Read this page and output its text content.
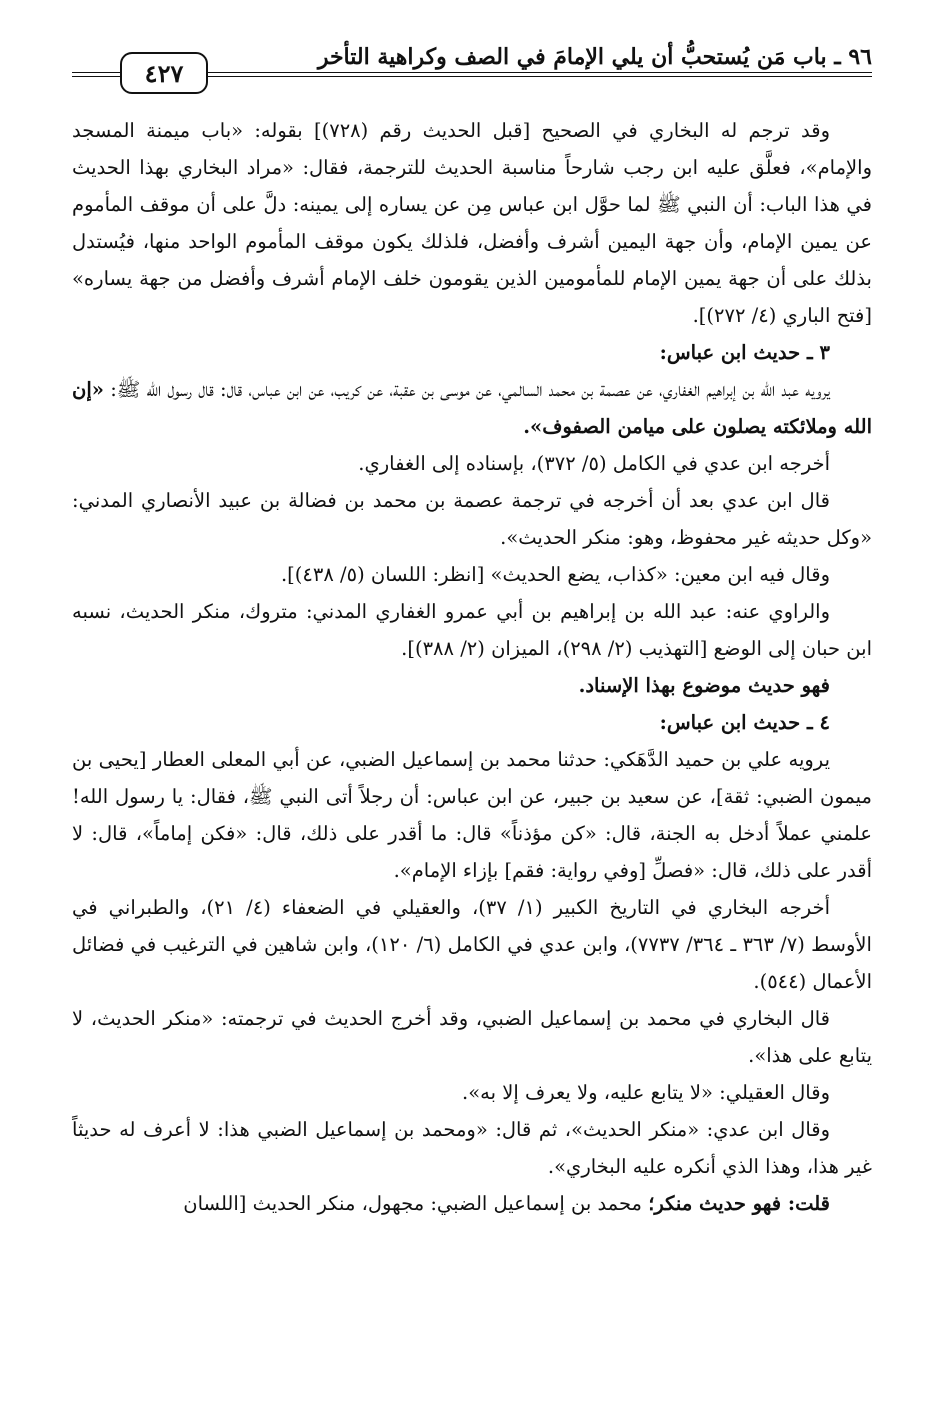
٩٦ ـ باب مَن يُستحبُّ أن يلي الإمامَ في الصف وكراهية التأخر
٤٢٧

وقد ترجم له البخاري في الصحيح [قبل الحديث رقم (٧٢٨)] بقوله: «باب ميمنة المسجد والإمام»، فعلَّق عليه ابن رجب شارحاً مناسبة الحديث للترجمة، فقال: «مراد البخاري بهذا الحديث في هذا الباب: أن النبي ﷺ لما حوَّل ابن عباس مِن عن يساره إلى يمينه: دلَّ على أن موقف المأموم عن يمين الإمام، وأن جهة اليمين أشرف وأفضل، فلذلك يكون موقف المأموم الواحد منها، فيُستدل بذلك على أن جهة يمين الإمام للمأمومين الذين يقومون خلف الإمام أشرف وأفضل من جهة يساره» [فتح الباري (٤/ ٢٧٢)].

٣ ـ حديث ابن عباس:

يرويه عبد الله بن إبراهيم الغفاري، عن عصمة بن محمد السالمي، عن موسى بن عقبة، عن كريب، عن ابن عباس، قال: قال رسول الله ﷺ: «إن الله وملائكته يصلون على ميامن الصفوف».

أخرجه ابن عدي في الكامل (٥/ ٣٧٢)، بإسناده إلى الغفاري.

قال ابن عدي بعد أن أخرجه في ترجمة عصمة بن محمد بن فضالة بن عبيد الأنصاري المدني: «وكل حديثه غير محفوظ، وهو: منكر الحديث».

وقال فيه ابن معين: «كذاب، يضع الحديث» [انظر: اللسان (٥/ ٤٣٨)].

والراوي عنه: عبد الله بن إبراهيم بن أبي عمرو الغفاري المدني: متروك، منكر الحديث، نسبه ابن حبان إلى الوضع [التهذيب (٢/ ٢٩٨)، الميزان (٢/ ٣٨٨)].

فهو حديث موضوع بهذا الإسناد.

٤ ـ حديث ابن عباس:

يرويه علي بن حميد الدَّهَكي: حدثنا محمد بن إسماعيل الضبي، عن أبي المعلى العطار [يحيى بن ميمون الضبي: ثقة]، عن سعيد بن جبير، عن ابن عباس: أن رجلاً أتى النبي ﷺ، فقال: يا رسول الله! علمني عملاً أدخل به الجنة، قال: «كن مؤذناً» قال: ما أقدر على ذلك، قال: «فكن إماماً»، قال: لا أقدر على ذلك، قال: «فصلِّ [وفي رواية: فقم] بإزاء الإمام».

أخرجه البخاري في التاريخ الكبير (١/ ٣٧)، والعقيلي في الضعفاء (٤/ ٢١)، والطبراني في الأوسط (٧/ ٣٦٣ ـ ٣٦٤/ ٧٧٣٧)، وابن عدي في الكامل (٦/ ١٢٠)، وابن شاهين في الترغيب في فضائل الأعمال (٥٤٤).

قال البخاري في محمد بن إسماعيل الضبي، وقد أخرج الحديث في ترجمته: «منكر الحديث، لا يتابع على هذا».

وقال العقيلي: «لا يتابع عليه، ولا يعرف إلا به».

وقال ابن عدي: «منكر الحديث»، ثم قال: «ومحمد بن إسماعيل الضبي هذا: لا أعرف له حديثاً غير هذا، وهذا الذي أنكره عليه البخاري».

قلت: فهو حديث منكر؛ محمد بن إسماعيل الضبي: مجهول، منكر الحديث [اللسان
